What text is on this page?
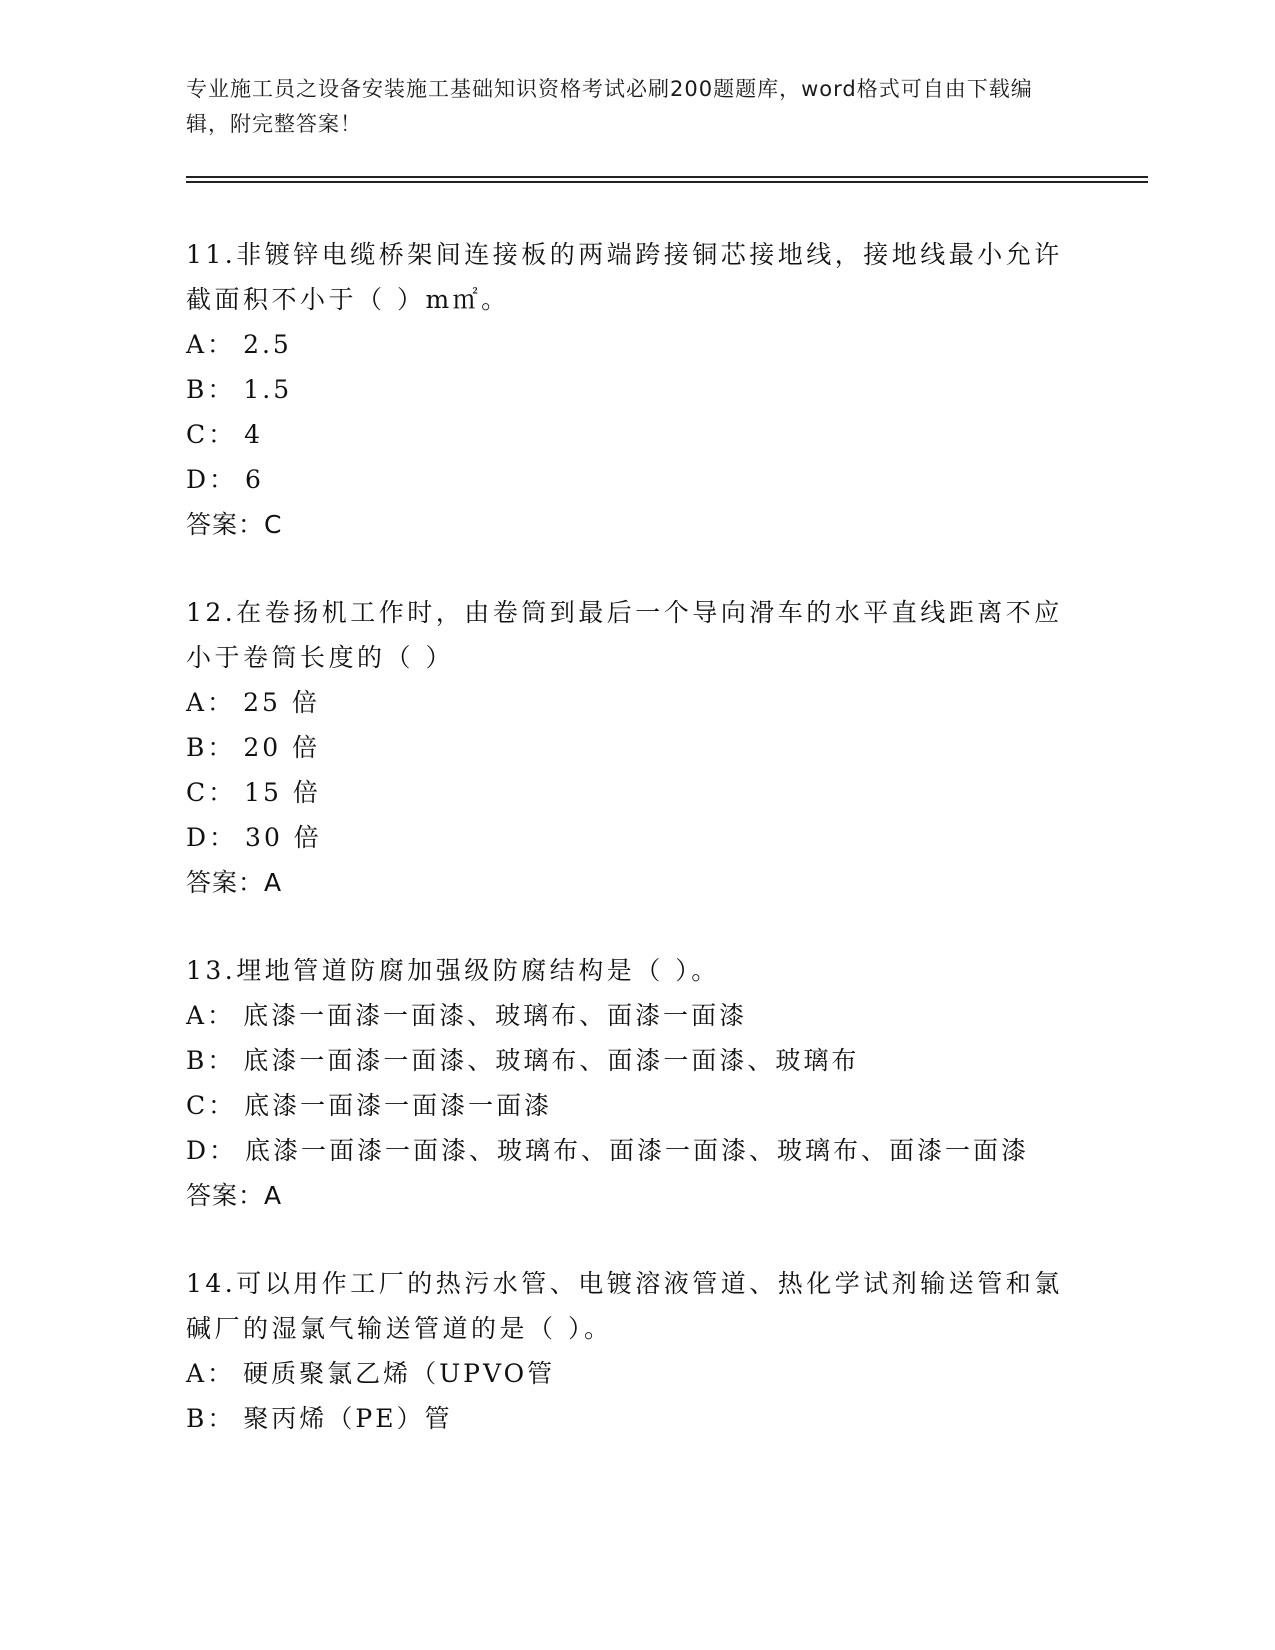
专业施工员之设备安装施工基础知识资格考试必刷200题题库，word格式可自由下载编辑，附完整答案！

11.非镀锌电缆桥架间连接板的两端跨接铜芯接地线，接地线最小允许截面积不小于（ ）m㎡。

A： 2.5

B： 1.5

C： 4

D： 6

答案：C

12.在卷扬机工作时，由卷筒到最后一个导向滑车的水平直线距离不应小于卷筒长度的（ ）

A： 25 倍

B： 20 倍

C： 15 倍

D： 30 倍

答案：A

13.埋地管道防腐加强级防腐结构是（ ）。

A： 底漆一面漆一面漆、玻璃布、面漆一面漆

B： 底漆一面漆一面漆、玻璃布、面漆一面漆、玻璃布

C： 底漆一面漆一面漆一面漆

D： 底漆一面漆一面漆、玻璃布、面漆一面漆、玻璃布、面漆一面漆

答案：A

14.可以用作工厂的热污水管、电镀溶液管道、热化学试剂输送管和氯碱厂的湿氯气输送管道的是（ ）。

A： 硬质聚氯乙烯（UPVO管

B： 聚丙烯（PE）管
